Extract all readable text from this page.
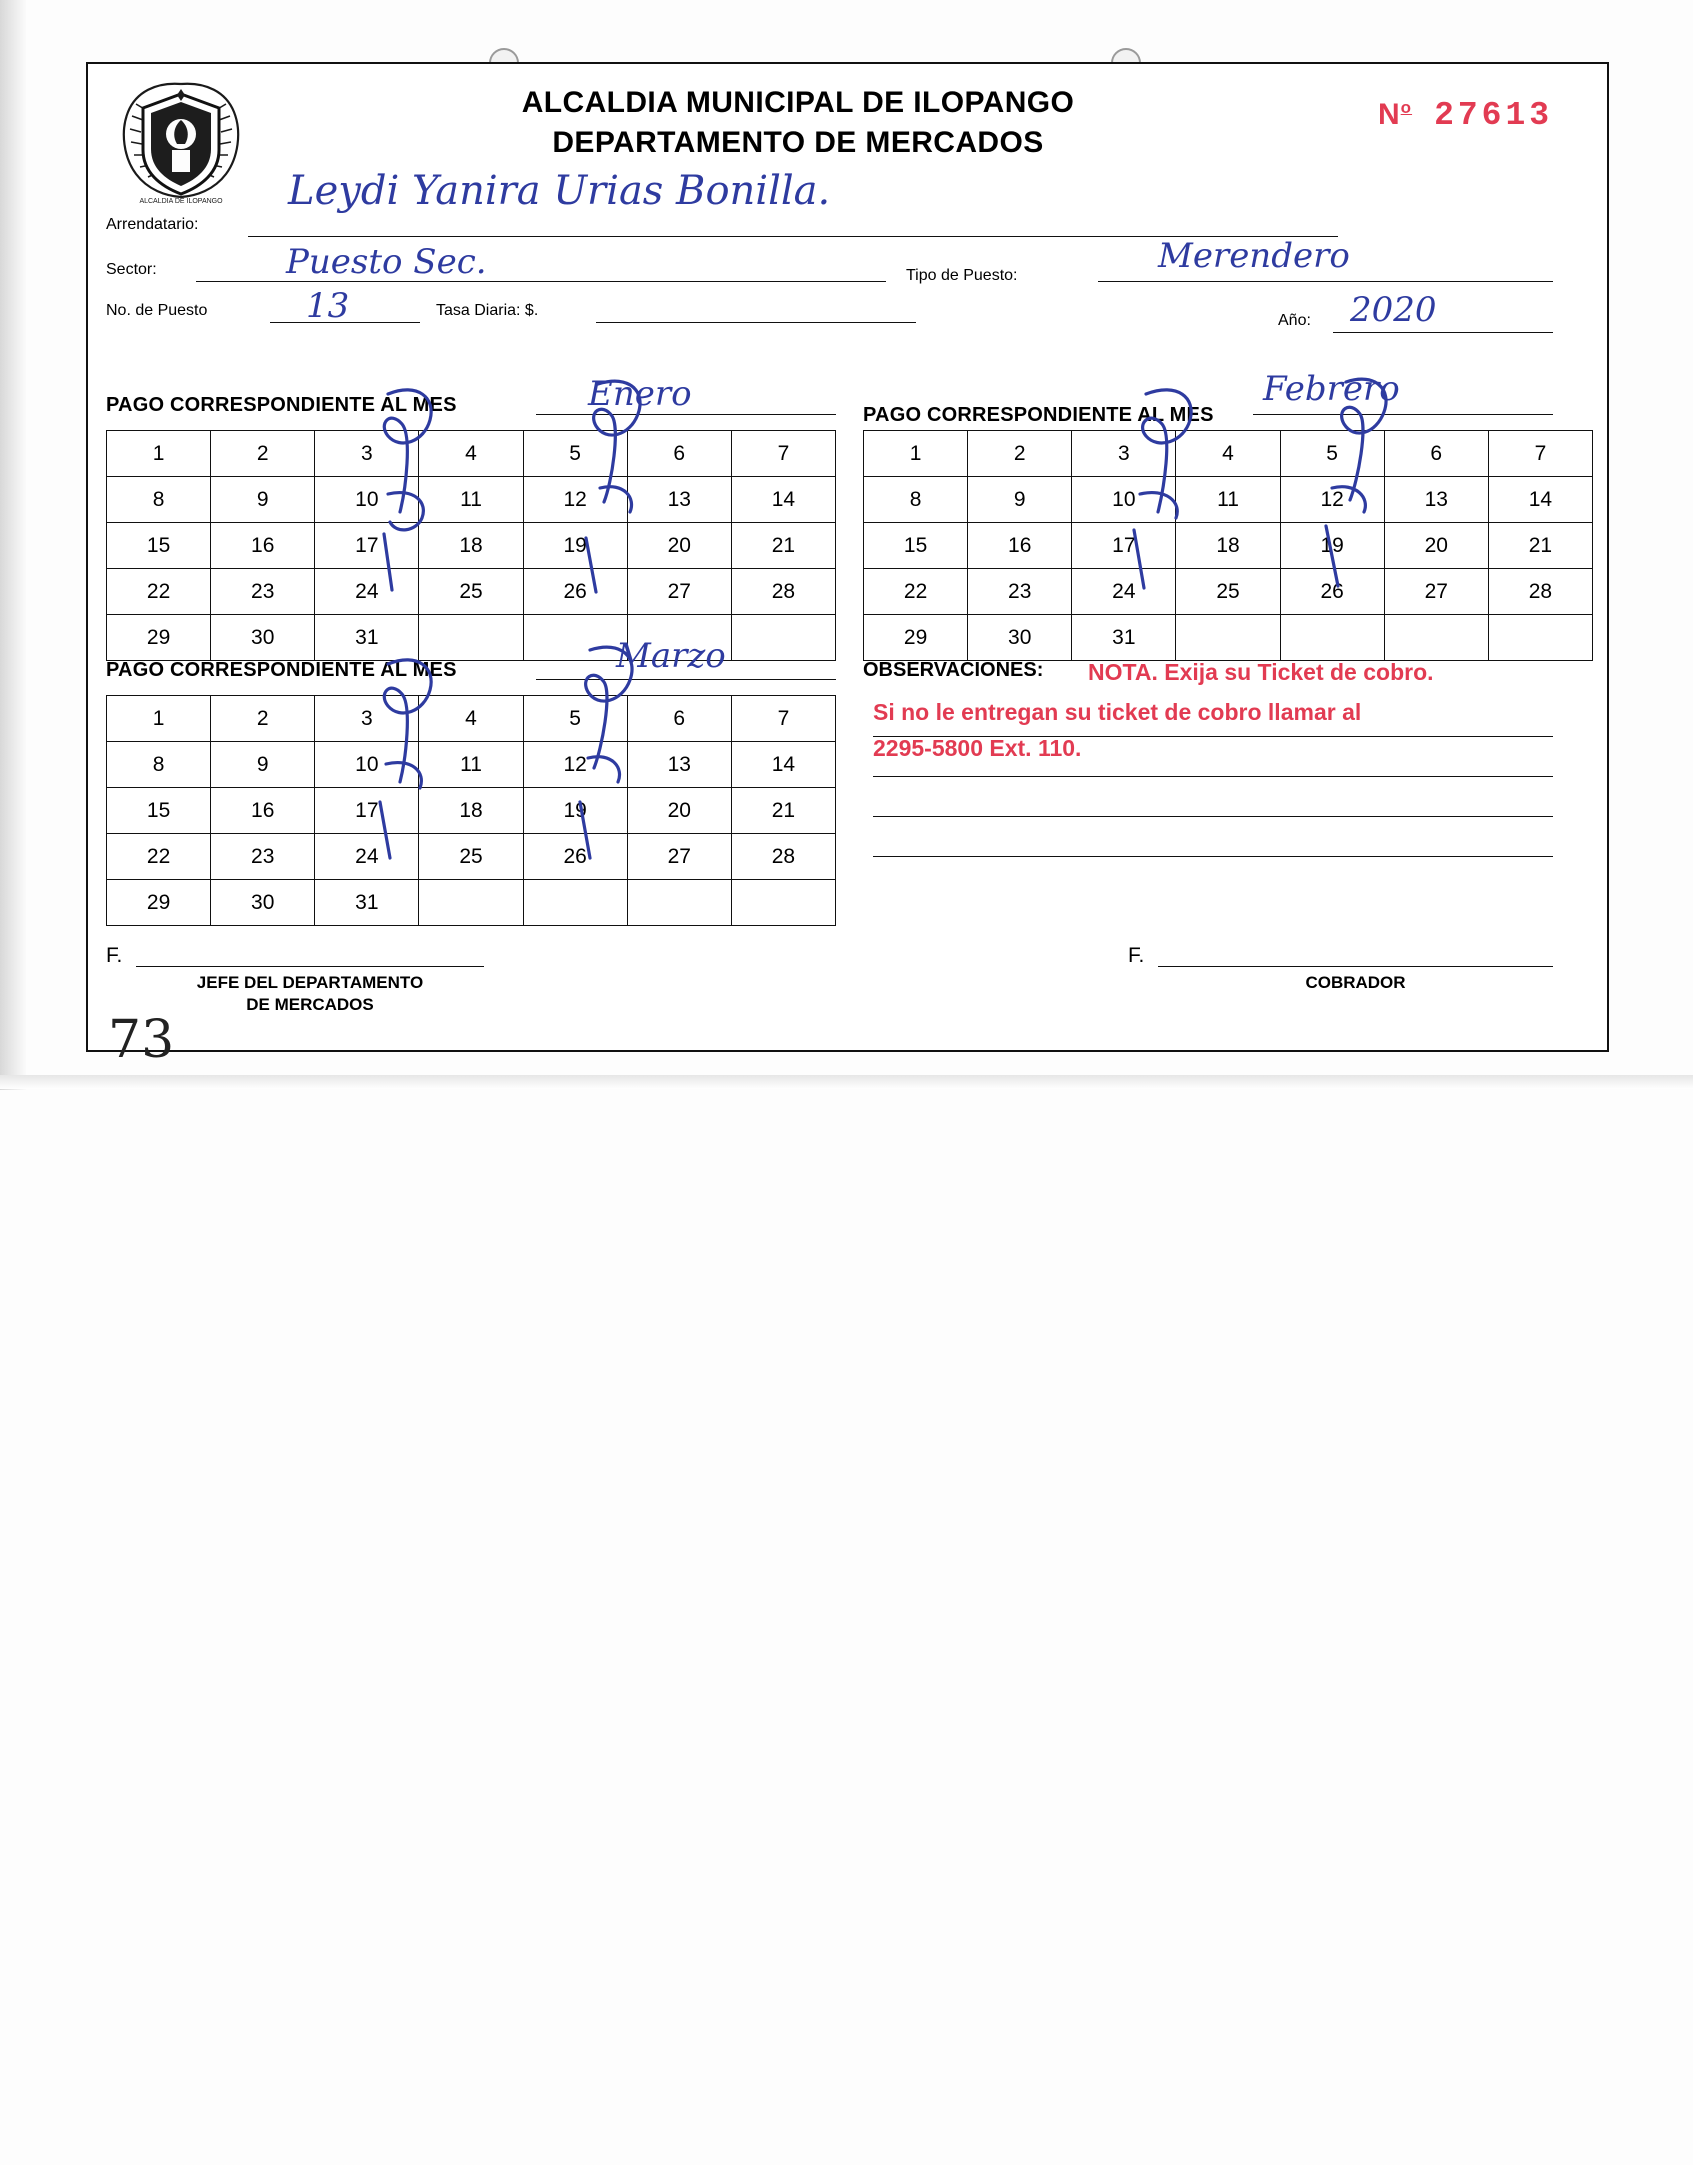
ALCALDIA DE ILOPANGO
ALCALDIA MUNICIPAL DE ILOPANGO
DEPARTAMENTO DE MERCADOS
$N^o$ 27613
Arrendatario:
Leydi Yanira Urias Bonilla.
Sector:	Puesto Sec.	Tipo de Puesto:	Merendero
No. de Puesto	13	Tasa Diaria: $.
Año: 2020
PAGO CORRESPONDIENTE AL MES	Enero
1	2	3	4	5	6	7
8	9	10	11	12	13	14
15	16	17	18	19	20	21
22	23	24	25	26	27	28
29	30	31				
PAGO CORRESPONDIENTE AL MES
Febrero
1	2	3	4	5	6	7
8	9	10	11	12	13	14
15	16	17	18	19	20	21
22	23	24	25	26	27	28
29	30	31				
PAGO CORRESPONDIENTE AL MES	Marzo
1	2	3	4	5	6	7
8	9	10	11	12	13	14
15	16	17	18	19	20	21
22	23	24	25	26	27	28
29	30	31				
OBSERVACIONES: NOTA. Exija su Ticket de cobro.
Si no le entregan su ticket de cobro llamar al
2295-5800 Ext. 110.
F.
JEFE DEL DEPARTAMENTO
DE MERCADOS
F.
COBRADOR
73
